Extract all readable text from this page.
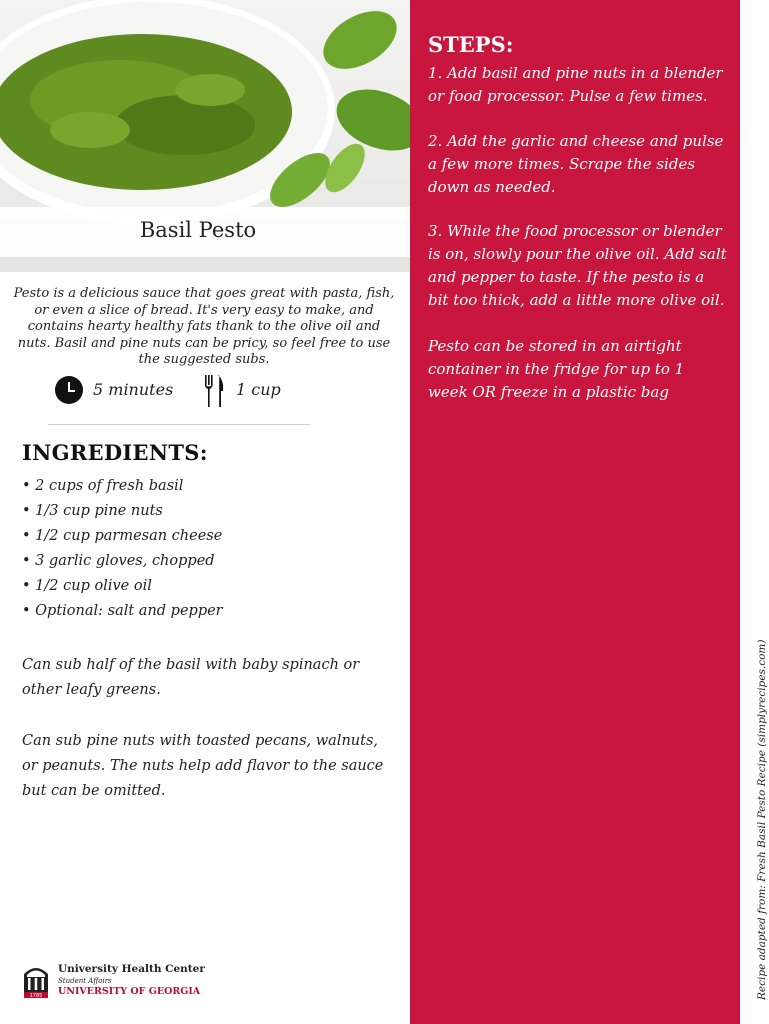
Basil Pesto
Pesto is a delicious sauce that goes great with pasta, fish, or even a slice of bread. It's very easy to make, and contains hearty healthy fats thank to the olive oil and nuts. Basil and pine nuts can be pricy, so feel free to use the suggested subs.
5 minutes	1 cup
INGREDIENTS:
• 2 cups of fresh basil
• 1/3 cup pine nuts
• 1/2 cup parmesan cheese
• 3 garlic gloves, chopped
• 1/2 cup olive oil
• Optional: salt and pepper
Can sub half of the basil with baby spinach or other leafy greens.
Can sub pine nuts with toasted pecans, walnuts, or peanuts. The nuts help add flavor to the sauce but can be omitted.
1785
University Health Center
Student Affairs
UNIVERSITY OF GEORGIA
STEPS:
1. Add basil and pine nuts in a blender or food processor. Pulse a few times.
2. Add the garlic and cheese and pulse a few more times. Scrape the sides down as needed.
3. While the food processor or blender is on, slowly pour the olive oil. Add salt and pepper to taste. If the pesto is a bit too thick, add a little more olive oil.
Pesto can be stored in an airtight container in the fridge for up to 1 week OR freeze in a plastic bag
Recipe adapted from: Fresh Basil Pesto Recipe (simplyrecipes.com)
